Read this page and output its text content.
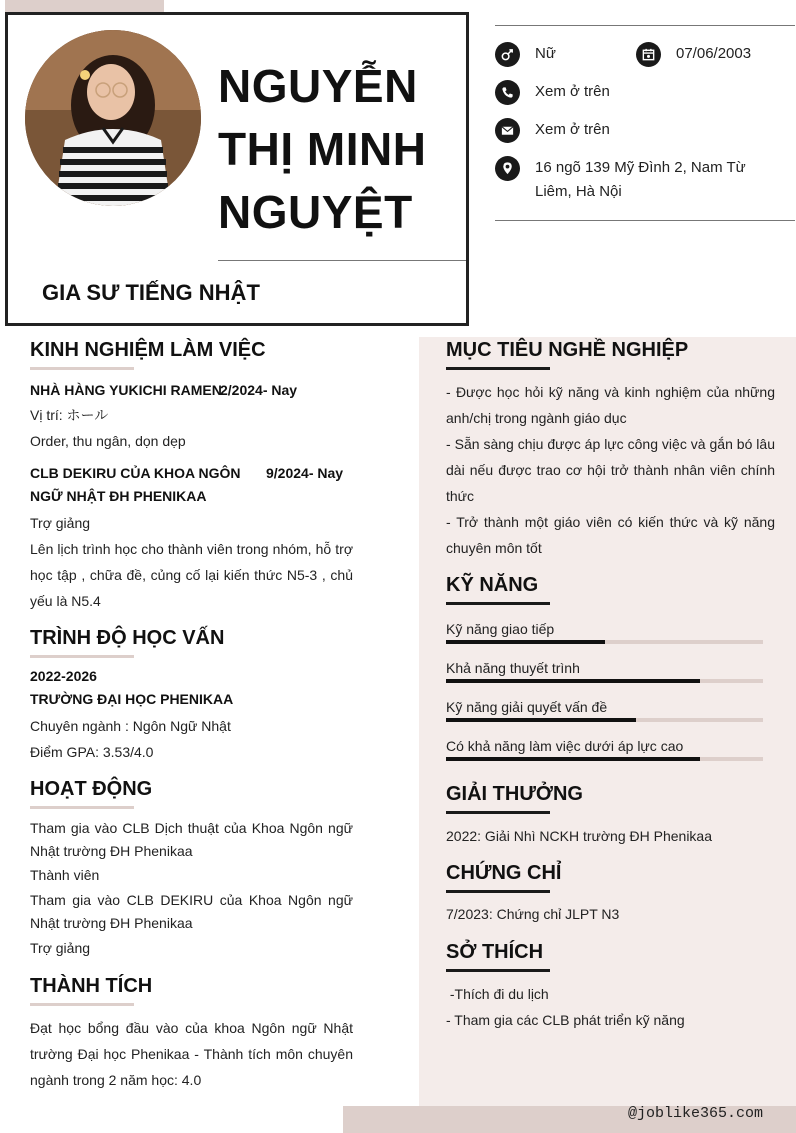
NGUYỄN
THỊ MINH
NGUYỆT
GIA SƯ TIẾNG NHẬT
Nữ	07/06/2003
Xem ở trên
Xem ở trên
16 ngõ 139 Mỹ Đình 2, Nam Từ Liêm, Hà Nội
@joblike365.com
KINH NGHIỆM LÀM VIỆC
NHÀ HÀNG YUKICHI RAMEN
2/2024- Nay
Vị trí: ホール
Order, thu ngân, dọn dẹp
CLB DEKIRU CỦA KHOA NGÔN NGỮ NHẬT ĐH PHENIKAA
9/2024- Nay
Trợ giảng
Lên lịch trình học cho thành viên trong nhóm, hỗ trợ học tập , chữa đề, củng cố lại kiến thức N5-3 , chủ yếu là N5.4
TRÌNH ĐỘ HỌC VẤN
2022-2026
TRƯỜNG ĐẠI HỌC PHENIKAA
Chuyên ngành : Ngôn Ngữ Nhật
Điểm GPA: 3.53/4.0
HOẠT ĐỘNG
Tham gia vào CLB Dịch thuật của Khoa Ngôn ngữ Nhật trường ĐH Phenikaa
Thành viên
Tham gia vào CLB DEKIRU của Khoa Ngôn ngữ Nhật trường ĐH Phenikaa
Trợ giảng
THÀNH TÍCH
Đạt học bổng đầu vào của khoa Ngôn ngữ Nhật trường Đại học Phenikaa - Thành tích môn chuyên ngành trong 2 năm học: 4.0
MỤC TIÊU NGHỀ NGHIỆP
- Được học hỏi kỹ năng và kinh nghiệm của những anh/chị trong ngành giáo dục
- Sẵn sàng chịu được áp lực công việc và gắn bó lâu dài nếu được trao cơ hội trở thành nhân viên chính thức
- Trở thành một giáo viên có kiến thức và kỹ năng chuyên môn tốt
KỸ NĂNG
Kỹ năng giao tiếp
Khả năng thuyết trình
Kỹ năng giải quyết vấn đề
Có khả năng làm việc dưới áp lực cao
GIẢI THƯỞNG
2022: Giải Nhì NCKH trường ĐH Phenikaa
CHỨNG CHỈ
7/2023: Chứng chỉ JLPT N3
SỞ THÍCH
-Thích đi du lịch
- Tham gia các CLB phát triển kỹ năng
